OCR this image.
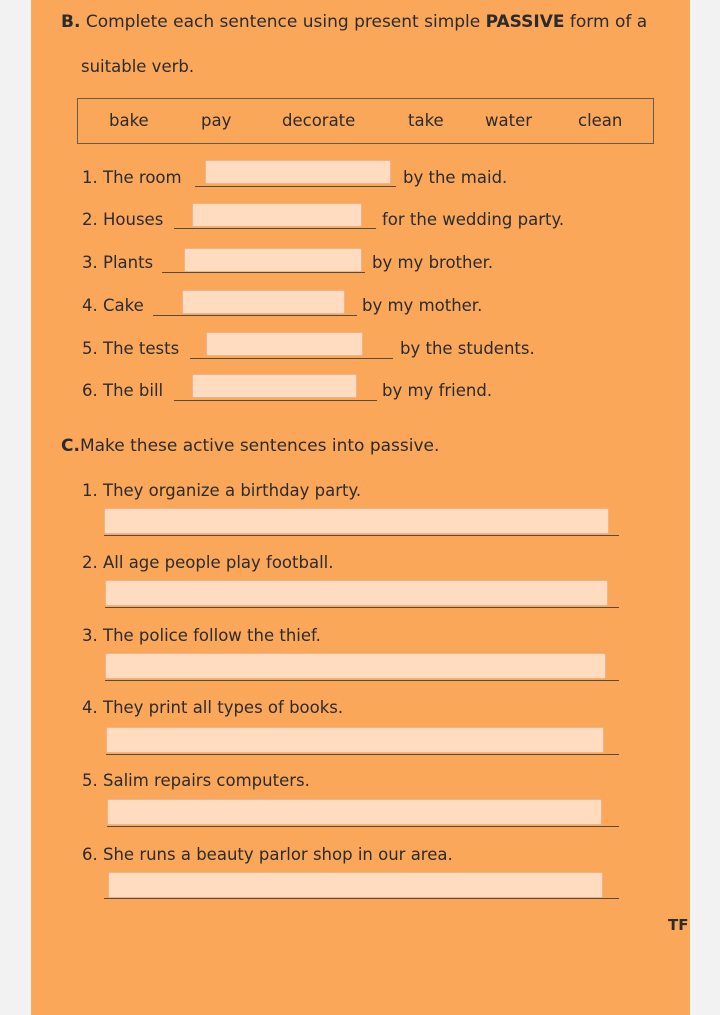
B. Complete each sentence using present simple PASSIVE form of a
suitable verb.
bake	pay	decorate	take	water	clean
1. The room	by the maid.
2. Houses	for the wedding party.
3. Plants	by my brother.
4. Cake	by my mother.
5. The tests	by the students.
6. The bill	by my friend.
C.Make these active sentences into passive.
1. They organize a birthday party.
2. All age people play football.
3. The police follow the thief.
4. They print all types of books.
5. Salim repairs computers.
6. She runs a beauty parlor shop in our area.
TF
